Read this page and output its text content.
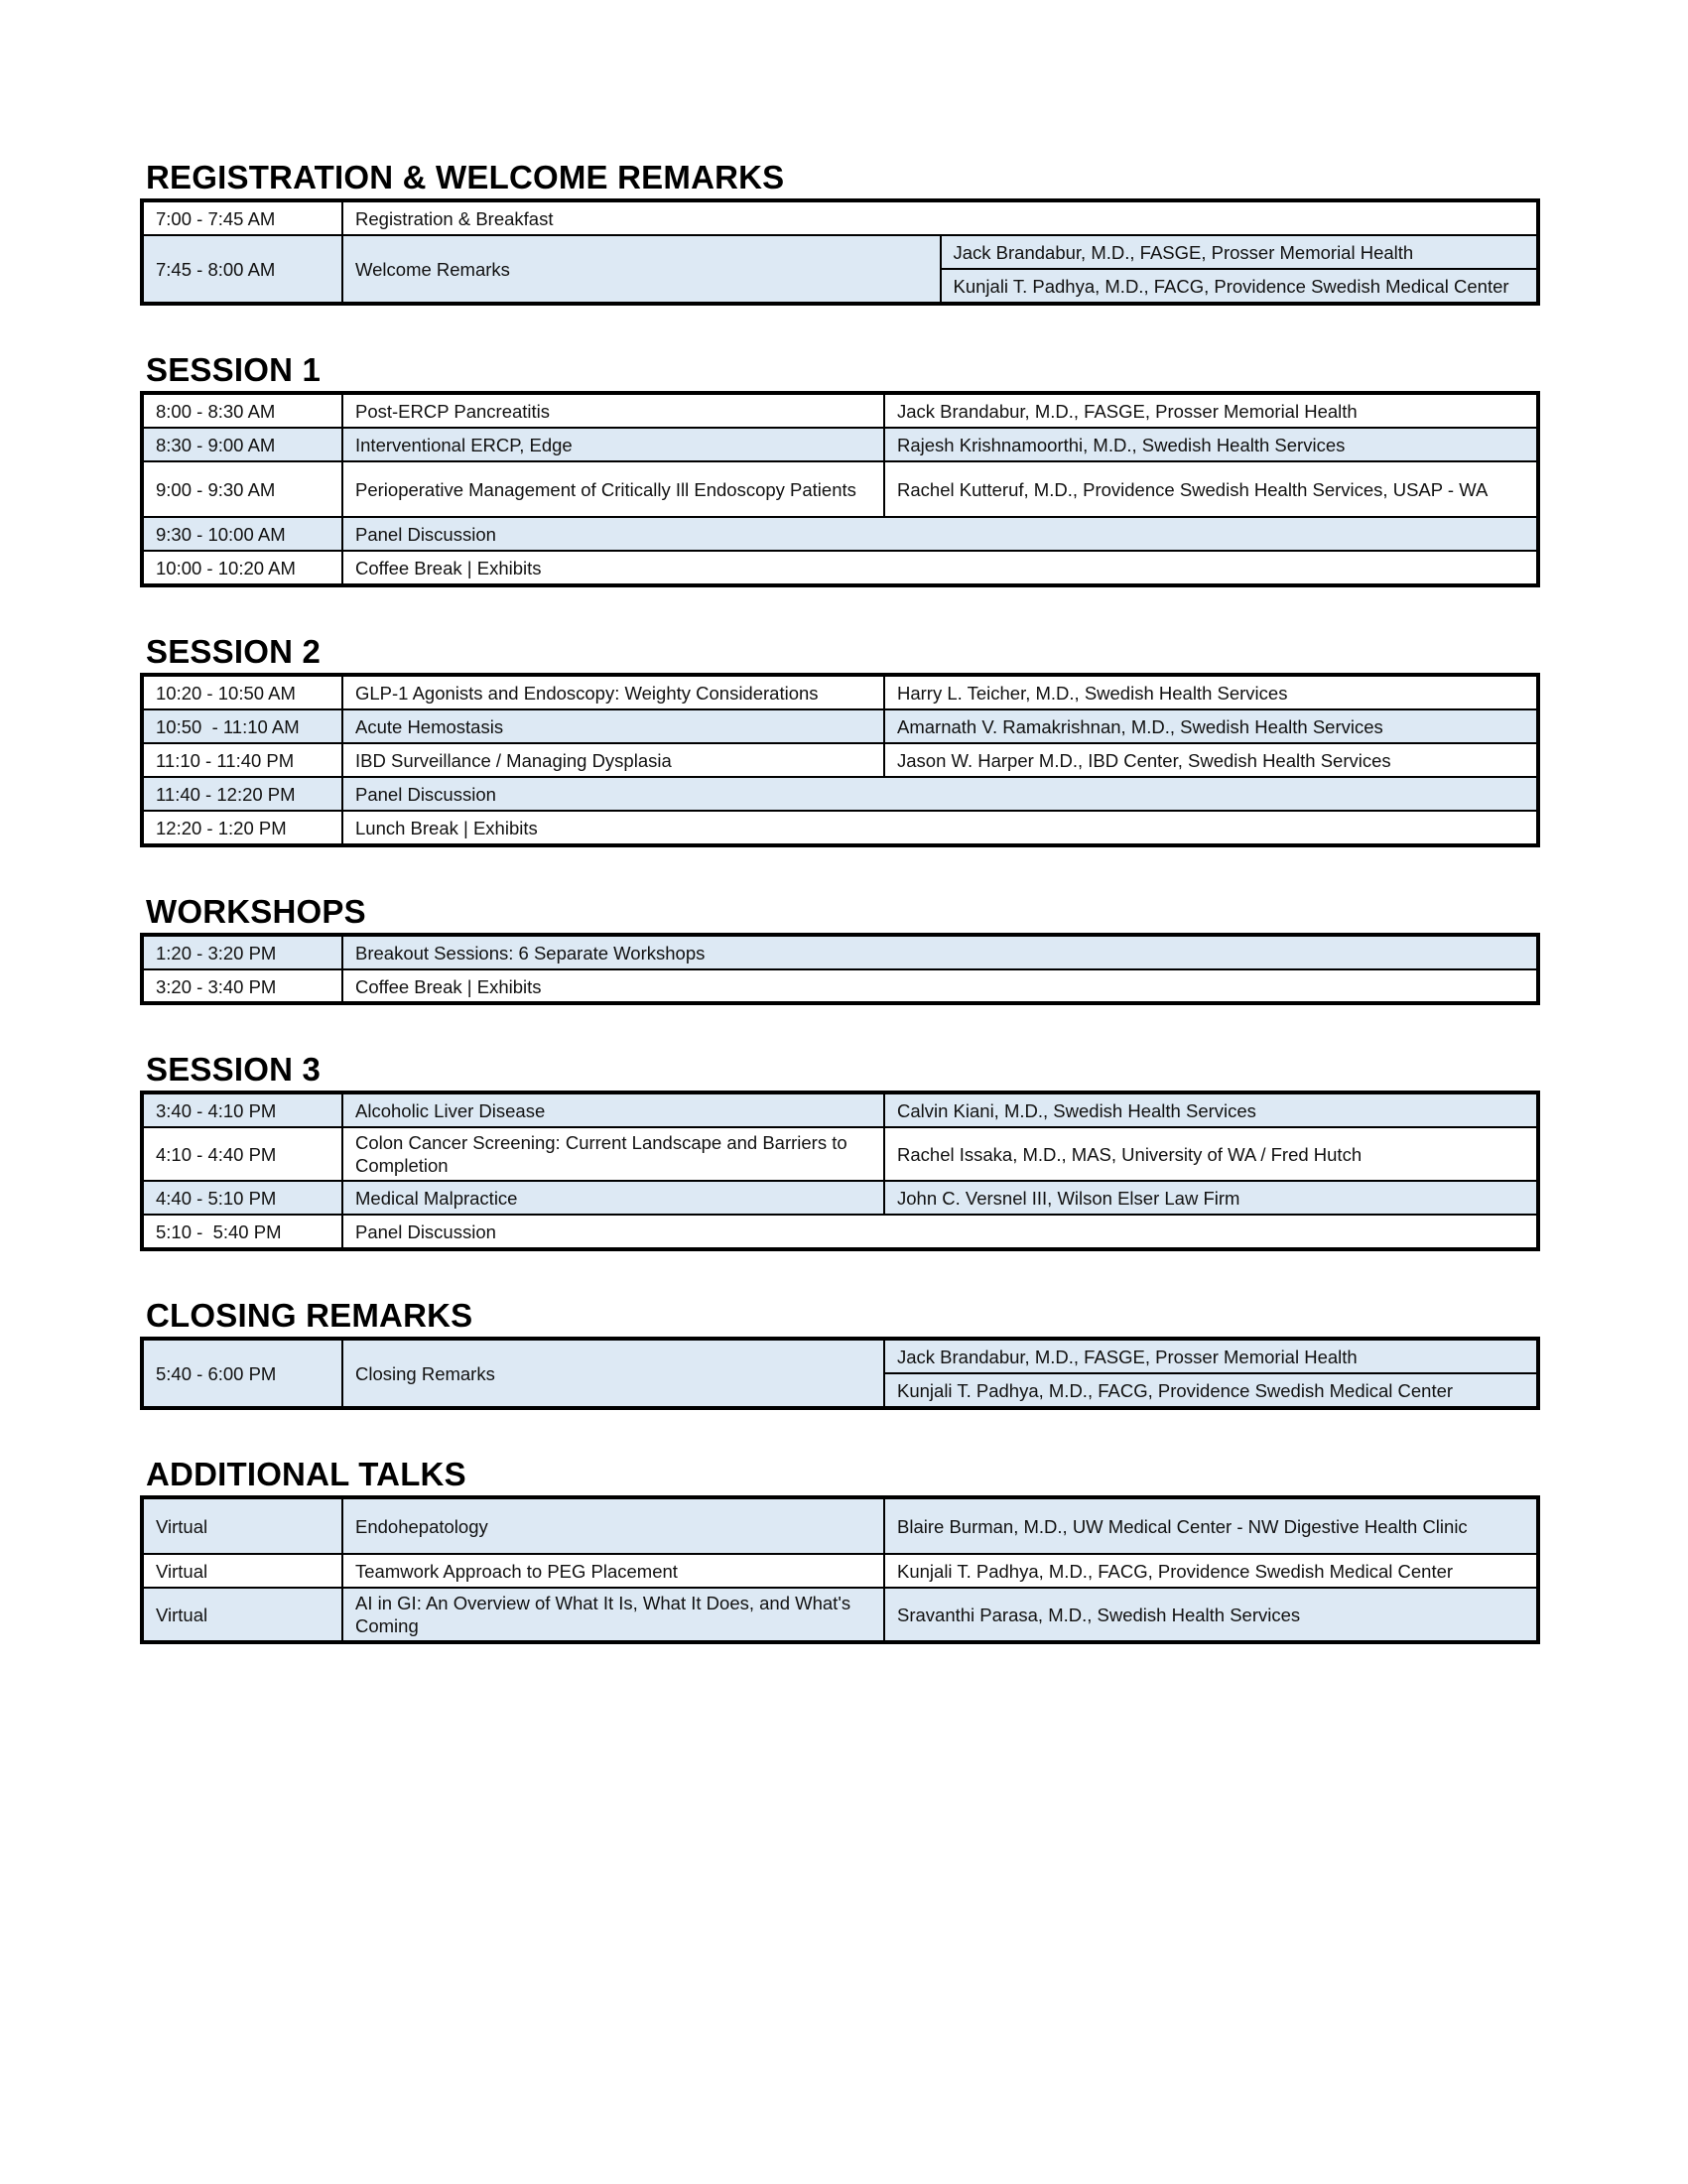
REGISTRATION & WELCOME REMARKS
7:00 - 7:45 AM	Registration & Breakfast	
7:45 - 8:00 AM	Welcome Remarks	Jack Brandabur, M.D., FASGE, Prosser Memorial Health
		Kunjali T. Padhya, M.D., FACG, Providence Swedish Medical Center
SESSION 1
8:00 - 8:30 AM	Post-ERCP Pancreatitis	Jack Brandabur, M.D., FASGE, Prosser Memorial Health
8:30 - 9:00 AM	Interventional ERCP, Edge	Rajesh Krishnamoorthi, M.D., Swedish Health Services
9:00 - 9:30 AM	Perioperative Management of Critically Ill Endoscopy Patients	Rachel Kutteruf, M.D., Providence Swedish Health Services, USAP - WA
9:30 - 10:00 AM	Panel Discussion	
10:00 - 10:20 AM	Coffee Break | Exhibits	
SESSION 2
10:20 - 10:50 AM	GLP-1 Agonists and Endoscopy: Weighty Considerations	Harry L. Teicher, M.D., Swedish Health Services
10:50  - 11:10 AM	Acute Hemostasis	Amarnath V. Ramakrishnan, M.D., Swedish Health Services
11:10 - 11:40 PM	IBD Surveillance / Managing Dysplasia	Jason W. Harper M.D., IBD Center, Swedish Health Services
11:40 - 12:20 PM	Panel Discussion	
12:20 - 1:20 PM	Lunch Break | Exhibits	
WORKSHOPS
1:20 - 3:20 PM	Breakout Sessions: 6 Separate Workshops	
3:20 - 3:40 PM	Coffee Break | Exhibits	

SESSION 3
3:40 - 4:10 PM	Alcoholic Liver Disease	Calvin Kiani, M.D., Swedish Health Services
4:10 - 4:40 PM	Colon Cancer Screening: Current Landscape and Barriers to Completion	Rachel Issaka, M.D., MAS, University of WA / Fred Hutch
4:40 - 5:10 PM	Medical Malpractice	John C. Versnel III, Wilson Elser Law Firm
5:10 -  5:40 PM	Panel Discussion	
CLOSING REMARKS
5:40 - 6:00 PM	Closing Remarks	Jack Brandabur, M.D., FASGE, Prosser Memorial Health
Kunjali T. Padhya, M.D., FACG, Providence Swedish Medical Center
ADDITIONAL TALKS
Virtual	Endohepatology	Blaire Burman, M.D., UW Medical Center - NW Digestive Health Clinic
Virtual	Teamwork Approach to PEG Placement	Kunjali T. Padhya, M.D., FACG, Providence Swedish Medical Center
Virtual	AI in GI: An Overview of What It Is, What It Does, and What's Coming	Sravanthi Parasa, M.D., Swedish Health Services
